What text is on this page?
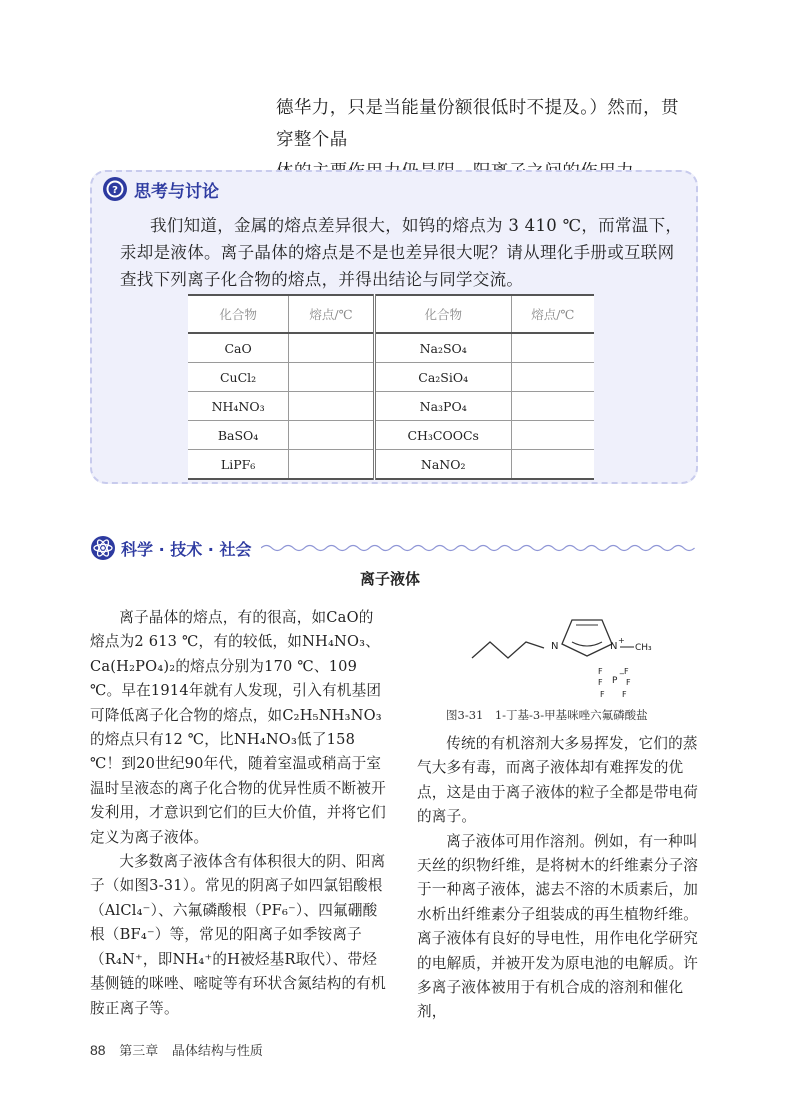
德华力，只是当能量份额很低时不提及。）然而，贯穿整个晶

? 思考与讨论
我们知道，金属的熔点差异很大，如钨的熔点为 3 410 ℃，而常温下，汞却是液体。离子晶体的熔点是不是也差异很大呢？请从理化手册或互联网查找下列离子化合物的熔点，并得出结论与同学交流。
化合物	熔点/℃	化合物	熔点/℃
CaO		Na₂SO₄	
CuCl₂		Ca₂SiO₄	
NH₄NO₃		Na₃PO₄	
BaSO₄		CH₃COOCs	
LiPF₆		NaNO₂	
科学 · 技术 · 社会
离子液体

离子晶体的熔点，有的很高，如CaO的熔点为2 613 ℃，有的较低，如NH₄NO₃、Ca(H₂PO₄)₂的熔点分别为170 ℃、109 ℃。早在1914年就有人发现，引入有机基团可降低离子化合物的熔点，如C₂H₅NH₃NO₃的熔点只有12 ℃，比NH₄NO₃低了158 ℃！到20世纪90年代，随着室温或稍高于室温时呈液态的离子化合物的优异性质不断被开发利用，才意识到它们的巨大价值，并将它们定义为离子液体。

大多数离子液体含有体积很大的阴、阳离子（如图3-31）。常见的阴离子如四氯铝酸根（AlCl₄⁻）、六氟磷酸根（PF₆⁻）、四氟硼酸根（BF₄⁻）等，常见的阳离子如季铵离子（R₄N⁺，即NH₄⁺的H被烃基R取代）、带烃基侧链的咪唑、嘧啶等有环状含氮结构的有机胺正离子等。

N	N
+
CH₃
P
−
F	F
F	F
F F
图3-31　1-丁基-3-甲基咪唑六氟磷酸盐

传统的有机溶剂大多易挥发，它们的蒸气大多有毒，而离子液体却有难挥发的优点，这是由于离子液体的粒子全都是带电荷的离子。

离子液体可用作溶剂。例如，有一种叫天丝的织物纤维，是将树木的纤维素分子溶于一种离子液体，滤去不溶的木质素后，加水析出纤维素分子组装成的再生植物纤维。离子液体有良好的导电性，用作电化学研究的电解质，并被开发为原电池的电解质。许多离子液体被用于有机合成的溶剂和催化剂，

88 第三章 晶体结构与性质
